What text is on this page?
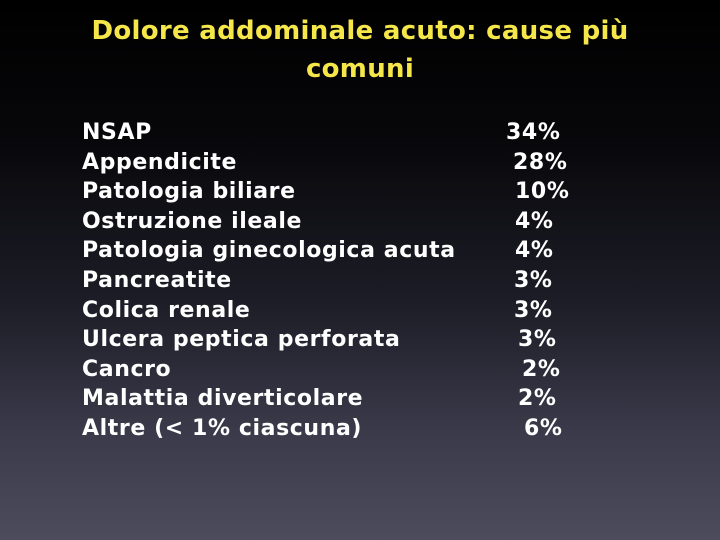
Dolore addominale acuto: cause più comuni
NSAP	34%
Appendicite	28%
Patologia biliare	10%
Ostruzione ileale	4%
Patologia ginecologica acuta	4%
Pancreatite	3%
Colica renale	3%
Ulcera peptica perforata	3%
Cancro	2%
Malattia diverticolare	2%
Altre (< 1% ciascuna)	6%
